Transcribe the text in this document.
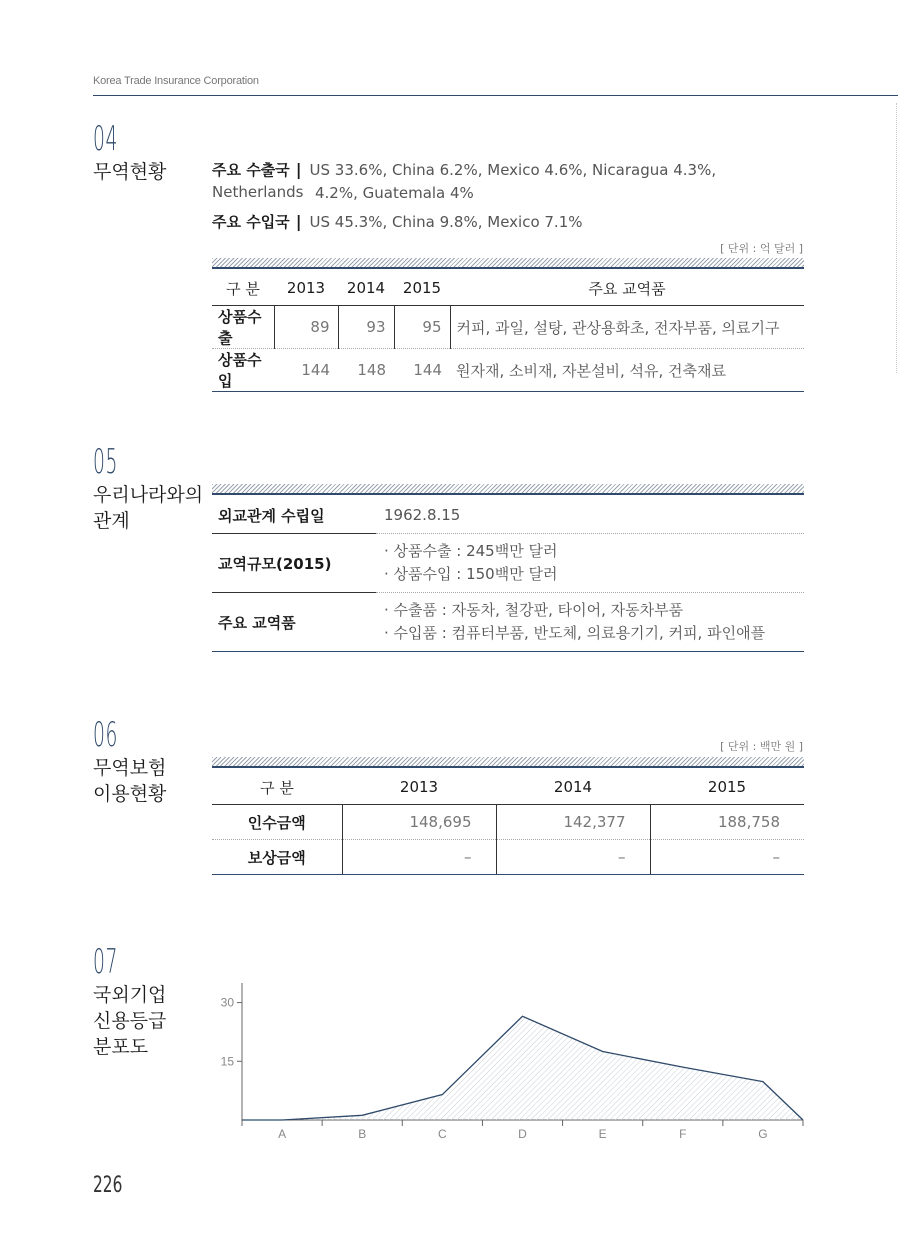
Korea Trade Insurance Corporation
04
무역현황	주요 수출국 | US 33.6%, China 6.2%, Mexico 4.6%, Nicaragua 4.3%, Netherlands 4.2%, Guatemala 4%
주요 수입국 | US 45.3%, China 9.8%, Mexico 7.1%
[ 단위 : 억 달러 ]
구 분	2013	2014	2015	주요 교역품
상품수출	89	93	95	커피, 과일, 설탕, 관상용화초, 전자부품, 의료기구
상품수입	144	148	144	원자재, 소비재, 자본설비, 석유, 건축재료
05
우리나라와의
관계	외교관계 수립일	1962.8.15

교역규모(2015)	· 상품수출 : 245백만 달러
· 상품수입 : 150백만 달러

주요 교역품	· 수출품 : 자동차, 철강판, 타이어, 자동차부품
· 수입품 : 컴퓨터부품, 반도체, 의료용기기, 커피, 파인애플
06
무역보험
이용현황
[ 단위 : 백만 원 ]
구 분	2013	2014	2015
인수금액	148,695	142,377	188,758
보상금액	–	–	–
07
국외기업
신용등급
분포도
15
30
A	B	C	D	E	F	G
226
